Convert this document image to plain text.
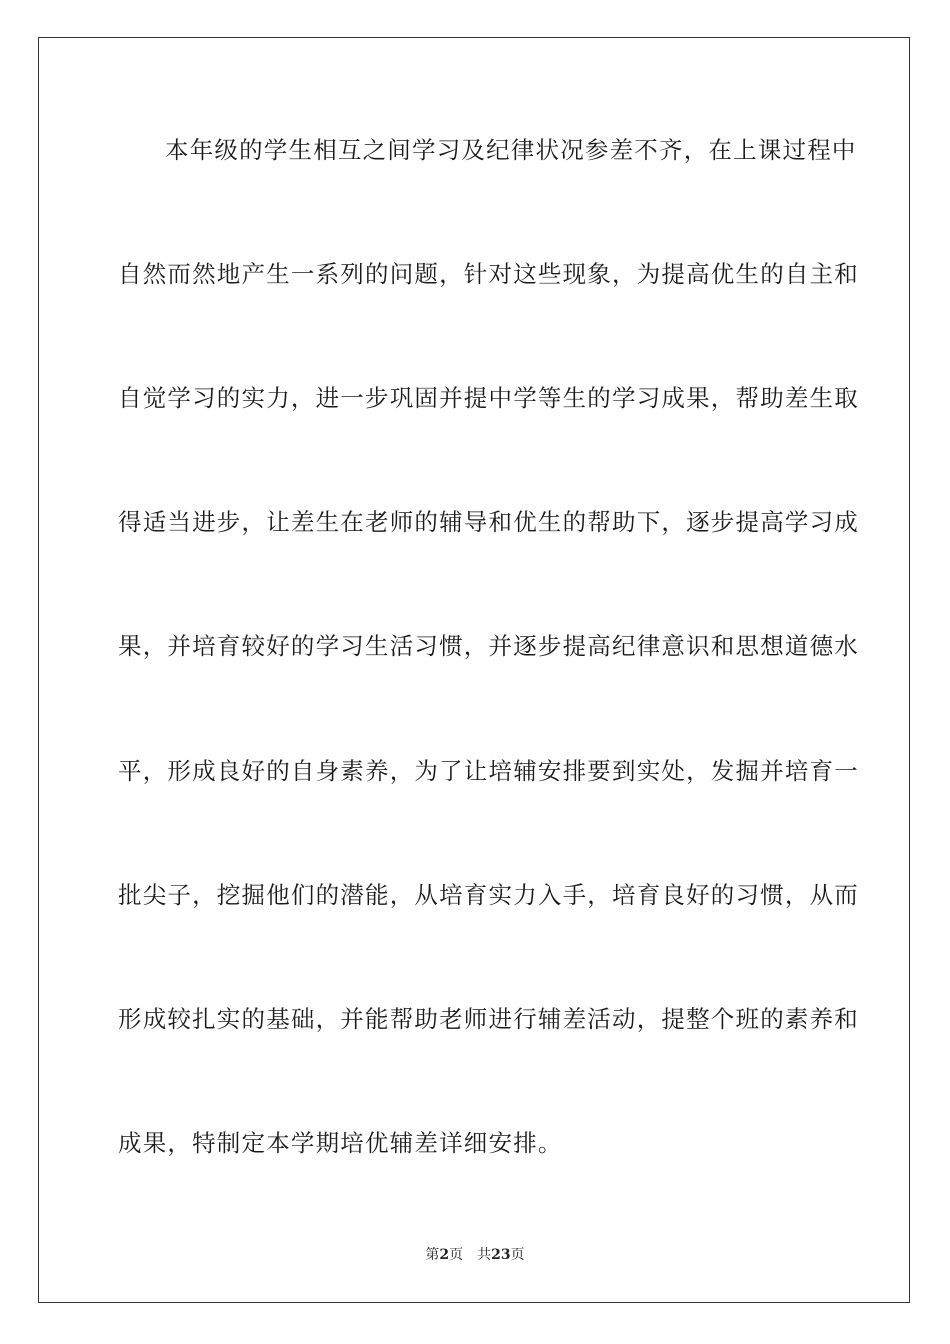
本年级的学生相互之间学习及纪律状况参差不齐，在上课过程中
自然而然地产生一系列的问题，针对这些现象，为提高优生的自主和
自觉学习的实力，进一步巩固并提中学等生的学习成果，帮助差生取
得适当进步，让差生在老师的辅导和优生的帮助下，逐步提高学习成
果，并培育较好的学习生活习惯，并逐步提高纪律意识和思想道德水
平，形成良好的自身素养，为了让培辅安排要到实处，发掘并培育一
批尖子，挖掘他们的潜能，从培育实力入手，培育良好的习惯，从而
形成较扎实的基础，并能帮助老师进行辅差活动，提整个班的素养和
成果，特制定本学期培优辅差详细安排。
第2页 共23页
